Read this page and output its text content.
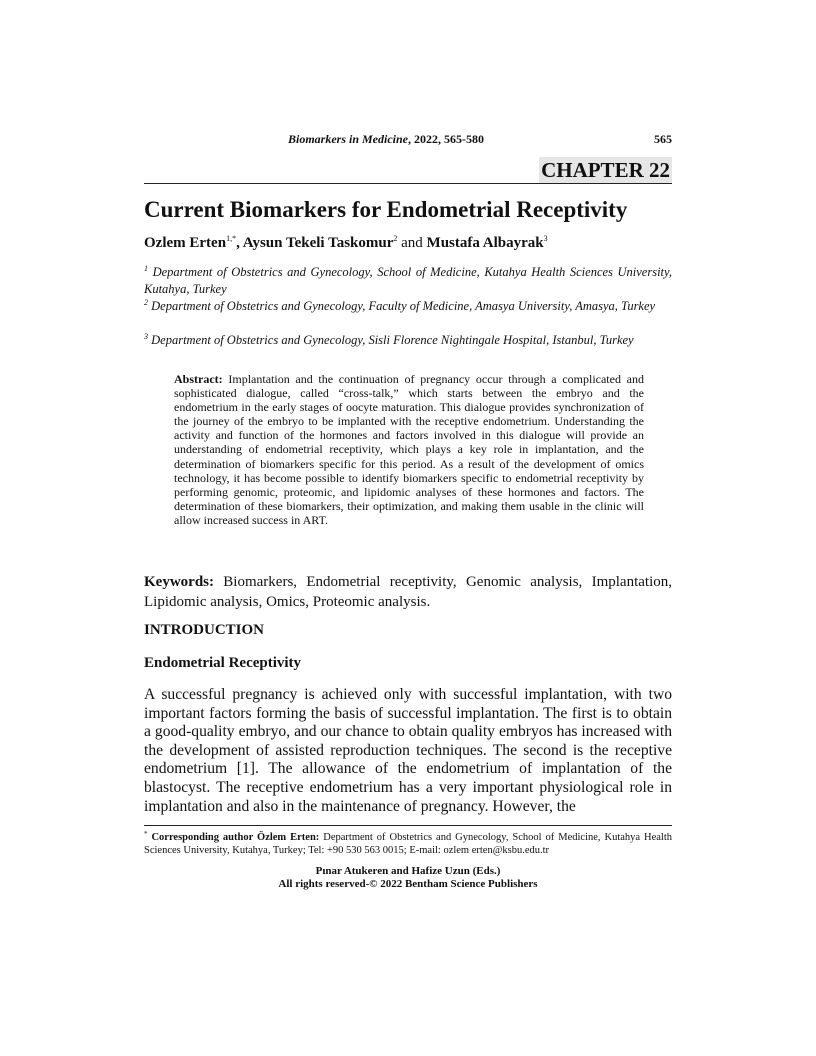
Biomarkers in Medicine, 2022, 565-580	565
CHAPTER 22
Current Biomarkers for Endometrial Receptivity
Ozlem Erten$^{1,*}$, Aysun Tekeli Taskomur$^2$ and Mustafa Albayrak$^3$
$^1$ Department of Obstetrics and Gynecology, School of Medicine, Kutahya Health Sciences University, Kutahya, Turkey
$^2$ Department of Obstetrics and Gynecology, Faculty of Medicine, Amasya University, Amasya, Turkey
$^3$ Department of Obstetrics and Gynecology, Sisli Florence Nightingale Hospital, Istanbul, Turkey
Abstract: Implantation and the continuation of pregnancy occur through a complicated and sophisticated dialogue, called “cross-talk,” which starts between the embryo and the endometrium in the early stages of oocyte maturation. This dialogue provides synchronization of the journey of the embryo to be implanted with the receptive endometrium. Understanding the activity and function of the hormones and factors involved in this dialogue will provide an understanding of endometrial receptivity, which plays a key role in implantation, and the determination of biomarkers specific for this period. As a result of the development of omics technology, it has become possible to identify biomarkers specific to endometrial receptivity by performing genomic, proteomic, and lipidomic analyses of these hormones and factors. The determination of these biomarkers, their optimization, and making them usable in the clinic will allow increased success in ART.
Keywords: Biomarkers, Endometrial receptivity, Genomic analysis, Implantation, Lipidomic analysis, Omics, Proteomic analysis.
INTRODUCTION
Endometrial Receptivity
A successful pregnancy is achieved only with successful implantation, with two important factors forming the basis of successful implantation. The first is to obtain a good-quality embryo, and our chance to obtain quality embryos has increased with the development of assisted reproduction techniques. The second is the receptive endometrium [1]. The allowance of the endometrium of implantation of the blastocyst. The receptive endometrium has a very important physiological role in implantation and also in the maintenance of pregnancy. However, the
* Corresponding author Özlem Erten: Department of Obstetrics and Gynecology, School of Medicine, Kutahya Health Sciences University, Kutahya, Turkey; Tel: +90 530 563 0015; E-mail: ozlem erten@ksbu.edu.tr
Pınar Atukeren and Hafize Uzun (Eds.)
All rights reserved-© 2022 Bentham Science Publishers
